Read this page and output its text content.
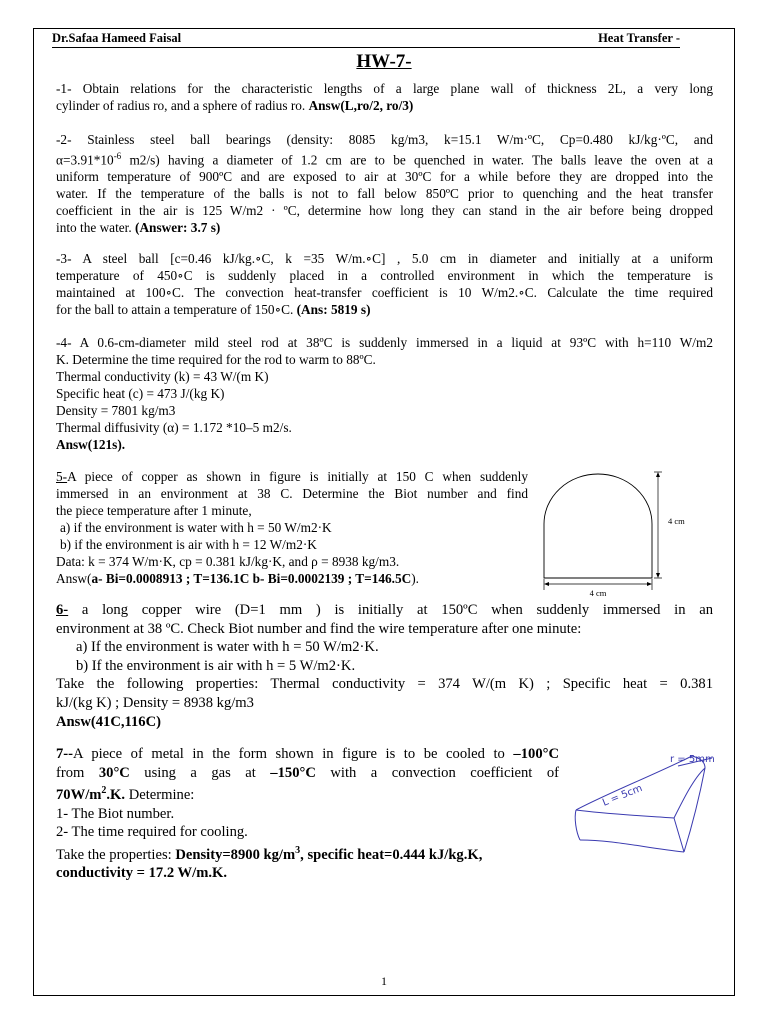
Dr.Safaa Hameed Faisal	Heat Transfer -
HW-7-
-1- Obtain relations for the characteristic lengths of a large plane wall of thickness 2L, a very long
cylinder of radius ro, and a sphere of radius ro. Answ(L,ro/2, ro/3)
-2- Stainless steel ball bearings (density: 8085 kg/m3, k=15.1 W/m·ºC, Cp=0.480 kJ/kg·ºC, and
$\alpha=3.91*10^{-6}$ m2/s) having a diameter of 1.2 cm are to be quenched in water. The balls leave the oven at a
uniform temperature of 900ºC and are exposed to air at 30ºC for a while before they are dropped into the
water. If the temperature of the balls is not to fall below 850ºC prior to quenching and the heat transfer
coefficient in the air is 125 W/m2 · ºC, determine how long they can stand in the air before being dropped
into the water. (Answer: 3.7 s)
-3- A steel ball [c=0.46 kJ/kg.∘C, k =35 W/m.∘C] , 5.0 cm in diameter and initially at a uniform
temperature of 450∘C is suddenly placed in a controlled environment in which the temperature is
maintained at 100∘C. The convection heat-transfer coefficient is 10 W/m2.∘C. Calculate the time required
for the ball to attain a temperature of 150∘C. (Ans: 5819 s)
-4- A 0.6-cm-diameter mild steel rod at 38ºC is suddenly immersed in a liquid at 93ºC with h=110 W/m2
K. Determine the time required for the rod to warm to 88ºC.
Thermal conductivity (k) = 43 W/(m K)
Specific heat (c) = 473 J/(kg K)
Density = 7801 kg/m3
Thermal diffusivity (α) = 1.172 *10–5 m2/s.
Answ(121s).
5-A piece of copper as shown in figure is initially at 150 C when suddenly
immersed in an environment at 38 C. Determine the Biot number and find
the piece temperature after 1 minute,
a) if the environment is water with h = 50 W/m2·K
b) if the environment is air with h = 12 W/m2·K
Data: k = 374 W/m·K, cp = 0.381 kJ/kg·K, and ρ = 8938 kg/m3.
Answ(a- Bi=0.0008913 ; T=136.1C b- Bi=0.0002139 ; T=146.5C).
4 cm
4 cm
6- a long copper wire (D=1 mm ) is initially at 150ºC when suddenly immersed in an
environment at 38 ºC. Check Biot number and find the wire temperature after one minute:
a) If the environment is water with h = 50 W/m2·K.
b) If the environment is air with h = 5 W/m2·K.
Take the following properties: Thermal conductivity = 374 W/(m K) ; Specific heat = 0.381
kJ/(kg K) ; Density = 8938 kg/m3
Answ(41C,116C)
7--A piece of metal in the form shown in figure is to be cooled to –100°C
from 30°C using a gas at –150°C with a convection coefficient of
$70W/m^2.K$. Determine:
1- The Biot number.
2- The time required for cooling.
Take the properties: Density=8900 $kg/m^3$, specific heat=0.444 kJ/kg.K,
conductivity = 17.2 W/m.K.
L = 5cm
r = 5mm
1
